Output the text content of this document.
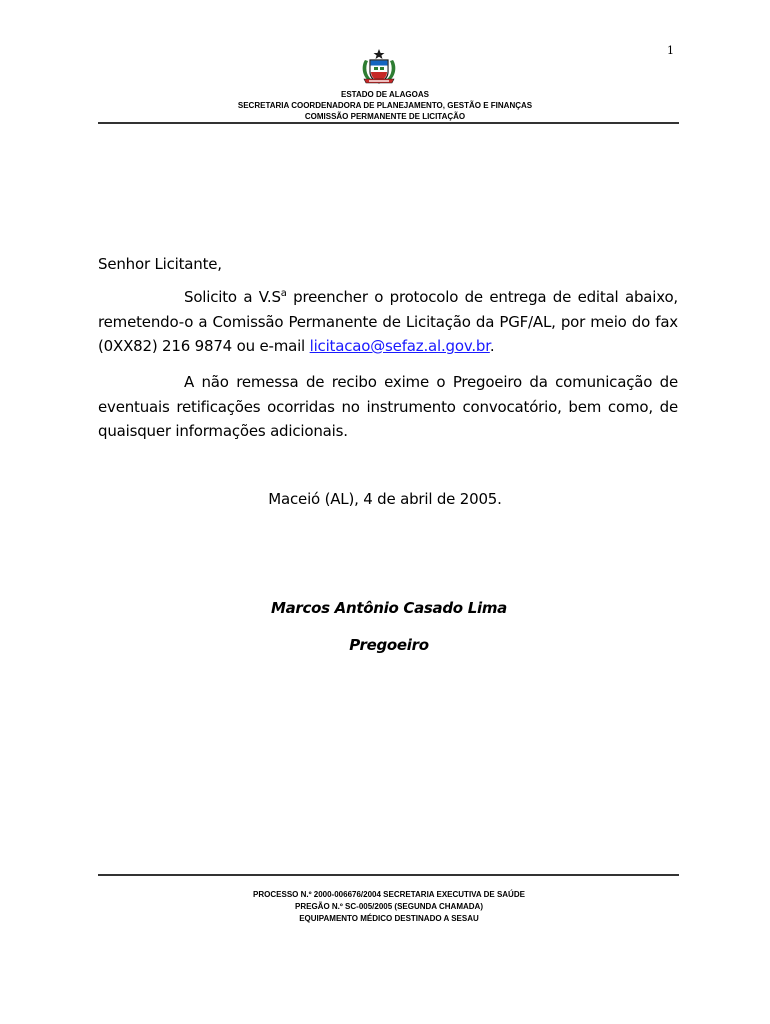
1
ESTADO DE ALAGOAS
SECRETARIA COORDENADORA DE PLANEJAMENTO, GESTÃO E FINANÇAS
COMISSÃO PERMANENTE DE LICITAÇÃO
Senhor Licitante,
Solicito a $V.S^a$ preencher o protocolo de entrega de edital abaixo, remetendo-o a Comissão Permanente de Licitação da PGF/AL, por meio do fax (0XX82) 216 9874 ou e-mail licitacao@sefaz.al.gov.br.
A não remessa de recibo exime o Pregoeiro da comunicação de eventuais retificações ocorridas no instrumento convocatório, bem como, de quaisquer informações adicionais.
Maceió (AL), 4 de abril de 2005.
Marcos Antônio Casado Lima
Pregoeiro
PROCESSO N.º 2000-006676/2004 SECRETARIA EXECUTIVA DE SAÚDE
PREGÃO N.º SC-005/2005 (SEGUNDA CHAMADA)
EQUIPAMENTO MÉDICO DESTINADO A SESAU
